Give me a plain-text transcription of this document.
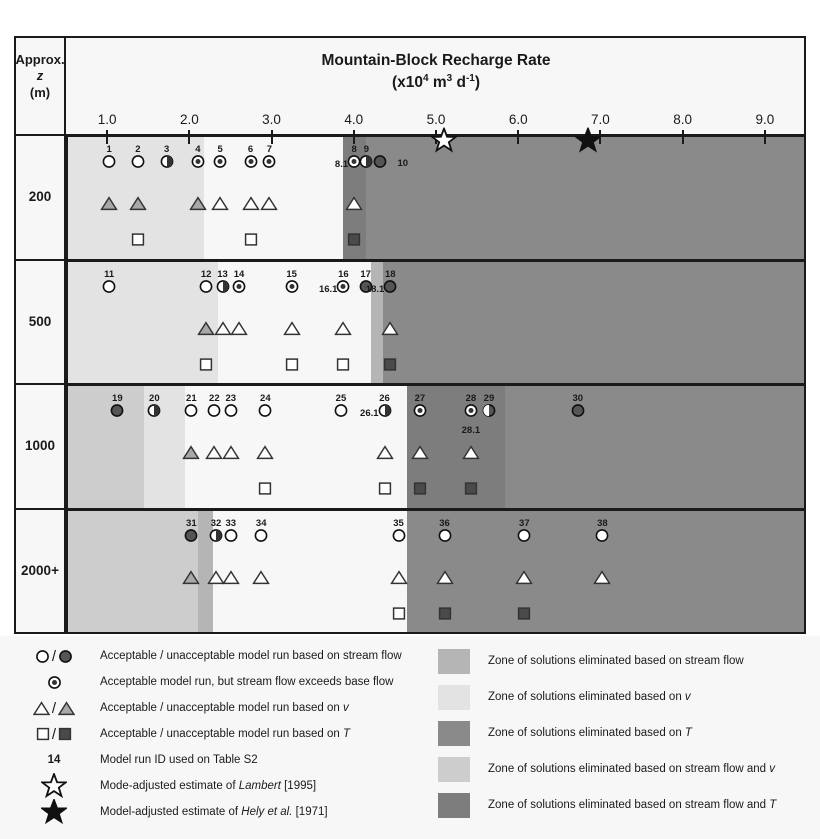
Approx.
z
(m)
Mountain-Block Recharge Rate
($x10^4$ $m^3$ $d^{-1}$)
1.0	2.0	3.0	4.0	5.0	6.0	7.0	8.0	9.0
200
1 2 3	4 5	6 7	8
8.1
9
10
500
11	12 13 14	15	16
16.1
17 18
18.1
1000
19	20	21 22 23	24	25	26
26.1
27	28
28.1
29	30
2000+
31 32 33 34	35	36	37	38
/	Acceptable / unacceptable model run based on stream flow
Acceptable model run, but stream flow exceeds base flow
/	Acceptable / unacceptable model run based on v
/	Acceptable / unacceptable model run based on T
14	Model run ID used on Table S2
Mode-adjusted estimate of Lambert [1995]
Model-adjusted estimate of Hely et al. [1971]
Zone of solutions eliminated based on stream flow
Zone of solutions eliminated based on v
Zone of solutions eliminated based on T
Zone of solutions eliminated based on stream flow and v
Zone of solutions eliminated based on stream flow and T
